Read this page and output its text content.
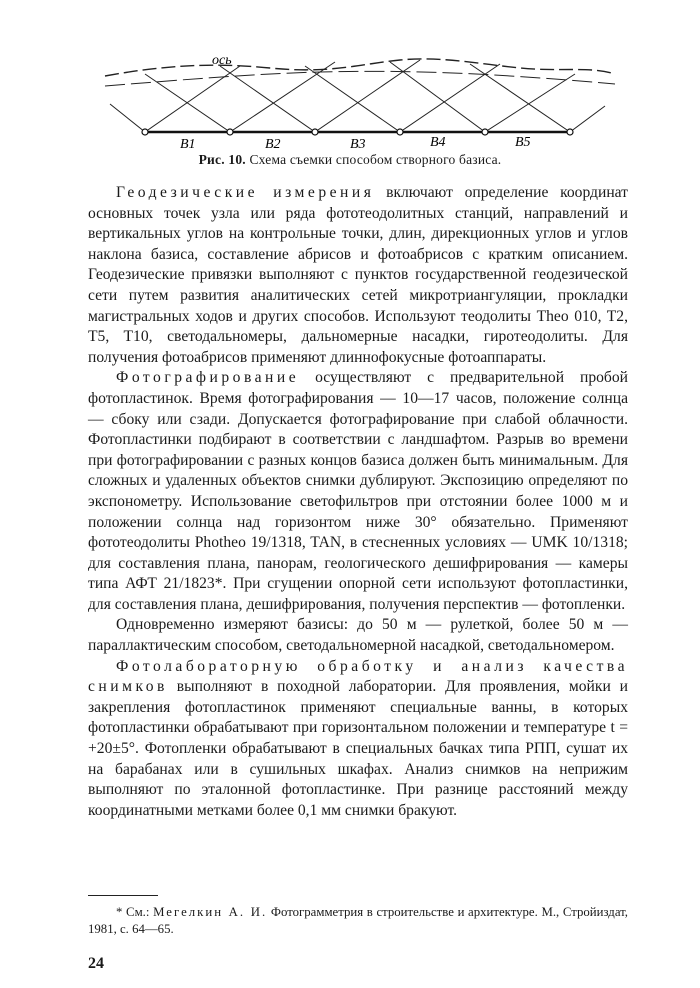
ось
B1	B2	B3	B4	B5
Рис. 10. Схема съемки способом створного базиса.

Геодезические измерения включают определение координат основных точек узла или ряда фототеодолитных станций, направлений и вертикальных углов на контрольные точки, длин, дирекционных углов и углов наклона базиса, составление абрисов и фотоабрисов с кратким описанием. Геодезические привязки выполняют с пунктов государственной геодезической сети путем развития аналитических сетей микротриангуляции, прокладки магистральных ходов и других способов. Используют теодолиты Theo 010, T2, T5, T10, светодальномеры, дальномерные насадки, гиротеодолиты. Для получения фотоабрисов применяют длиннофокусные фотоаппараты.

Фотографирование осуществляют с предварительной пробой фотопластинок. Время фотографирования — 10—17 часов, положение солнца — сбоку или сзади. Допускается фотографирование при слабой облачности. Фотопластинки подбирают в соответствии с ландшафтом. Разрыв во времени при фотографировании с разных концов базиса должен быть минимальным. Для сложных и удаленных объектов снимки дублируют. Экспозицию определяют по экспонометру. Использование светофильтров при отстоянии более 1000 м и положении солнца над горизонтом ниже 30° обязательно. Применяют фототеодолиты Photheo 19/1318, TAN, в стесненных условиях — UMK 10/1318; для составления плана, панорам, геологического дешифрирования — камеры типа АФТ 21/1823*. При сгущении опорной сети используют фотопластинки, для составления плана, дешифрирования, получения перспектив — фотопленки.

Одновременно измеряют базисы: до 50 м — рулеткой, более 50 м — параллактическим способом, светодальномерной насадкой, светодальномером.

Фотолабораторную обработку и анализ качества снимков выполняют в походной лаборатории. Для проявления, мойки и закрепления фотопластинок применяют специальные ванны, в которых фотопластинки обрабатывают при горизонтальном положении и температуре t = +20±5°. Фотопленки обрабатывают в специальных бачках типа РПП, сушат их на барабанах или в сушильных шкафах. Анализ снимков на неприжим выполняют по эталонной фотопластинке. При разнице расстояний между координатными метками более 0,1 мм снимки бракуют.

* См.: Мегелкин А. И. Фотограмметрия в строительстве и архитектуре. М., Стройиздат, 1981, с. 64—65.
24
